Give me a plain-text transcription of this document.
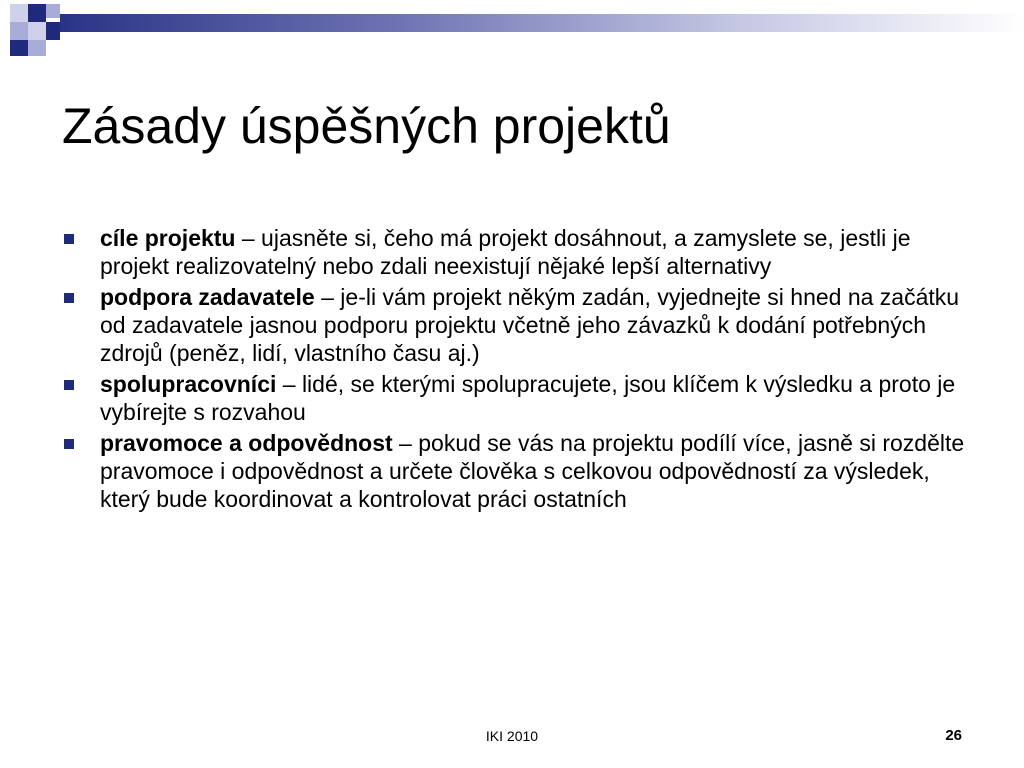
Zásady úspěšných projektů
cíle projektu – ujasněte si, čeho má projekt dosáhnout, a zamyslete se, jestli je projekt realizovatelný nebo zdali neexistují nějaké lepší alternativy
podpora zadavatele – je-li vám projekt někým zadán, vyjednejte si hned na začátku od zadavatele jasnou podporu projektu včetně jeho závazků k dodání potřebných zdrojů (peněz, lidí, vlastního času aj.)
spolupracovníci – lidé, se kterými spolupracujete, jsou klíčem k výsledku a proto je vybírejte s rozvahou
pravomoce a odpovědnost – pokud se vás na projektu podílí více, jasně si rozdělte pravomoce i odpovědnost a určete člověka s celkovou odpovědností za výsledek, který bude koordinovat a kontrolovat práci ostatních
IKI 2010	26
